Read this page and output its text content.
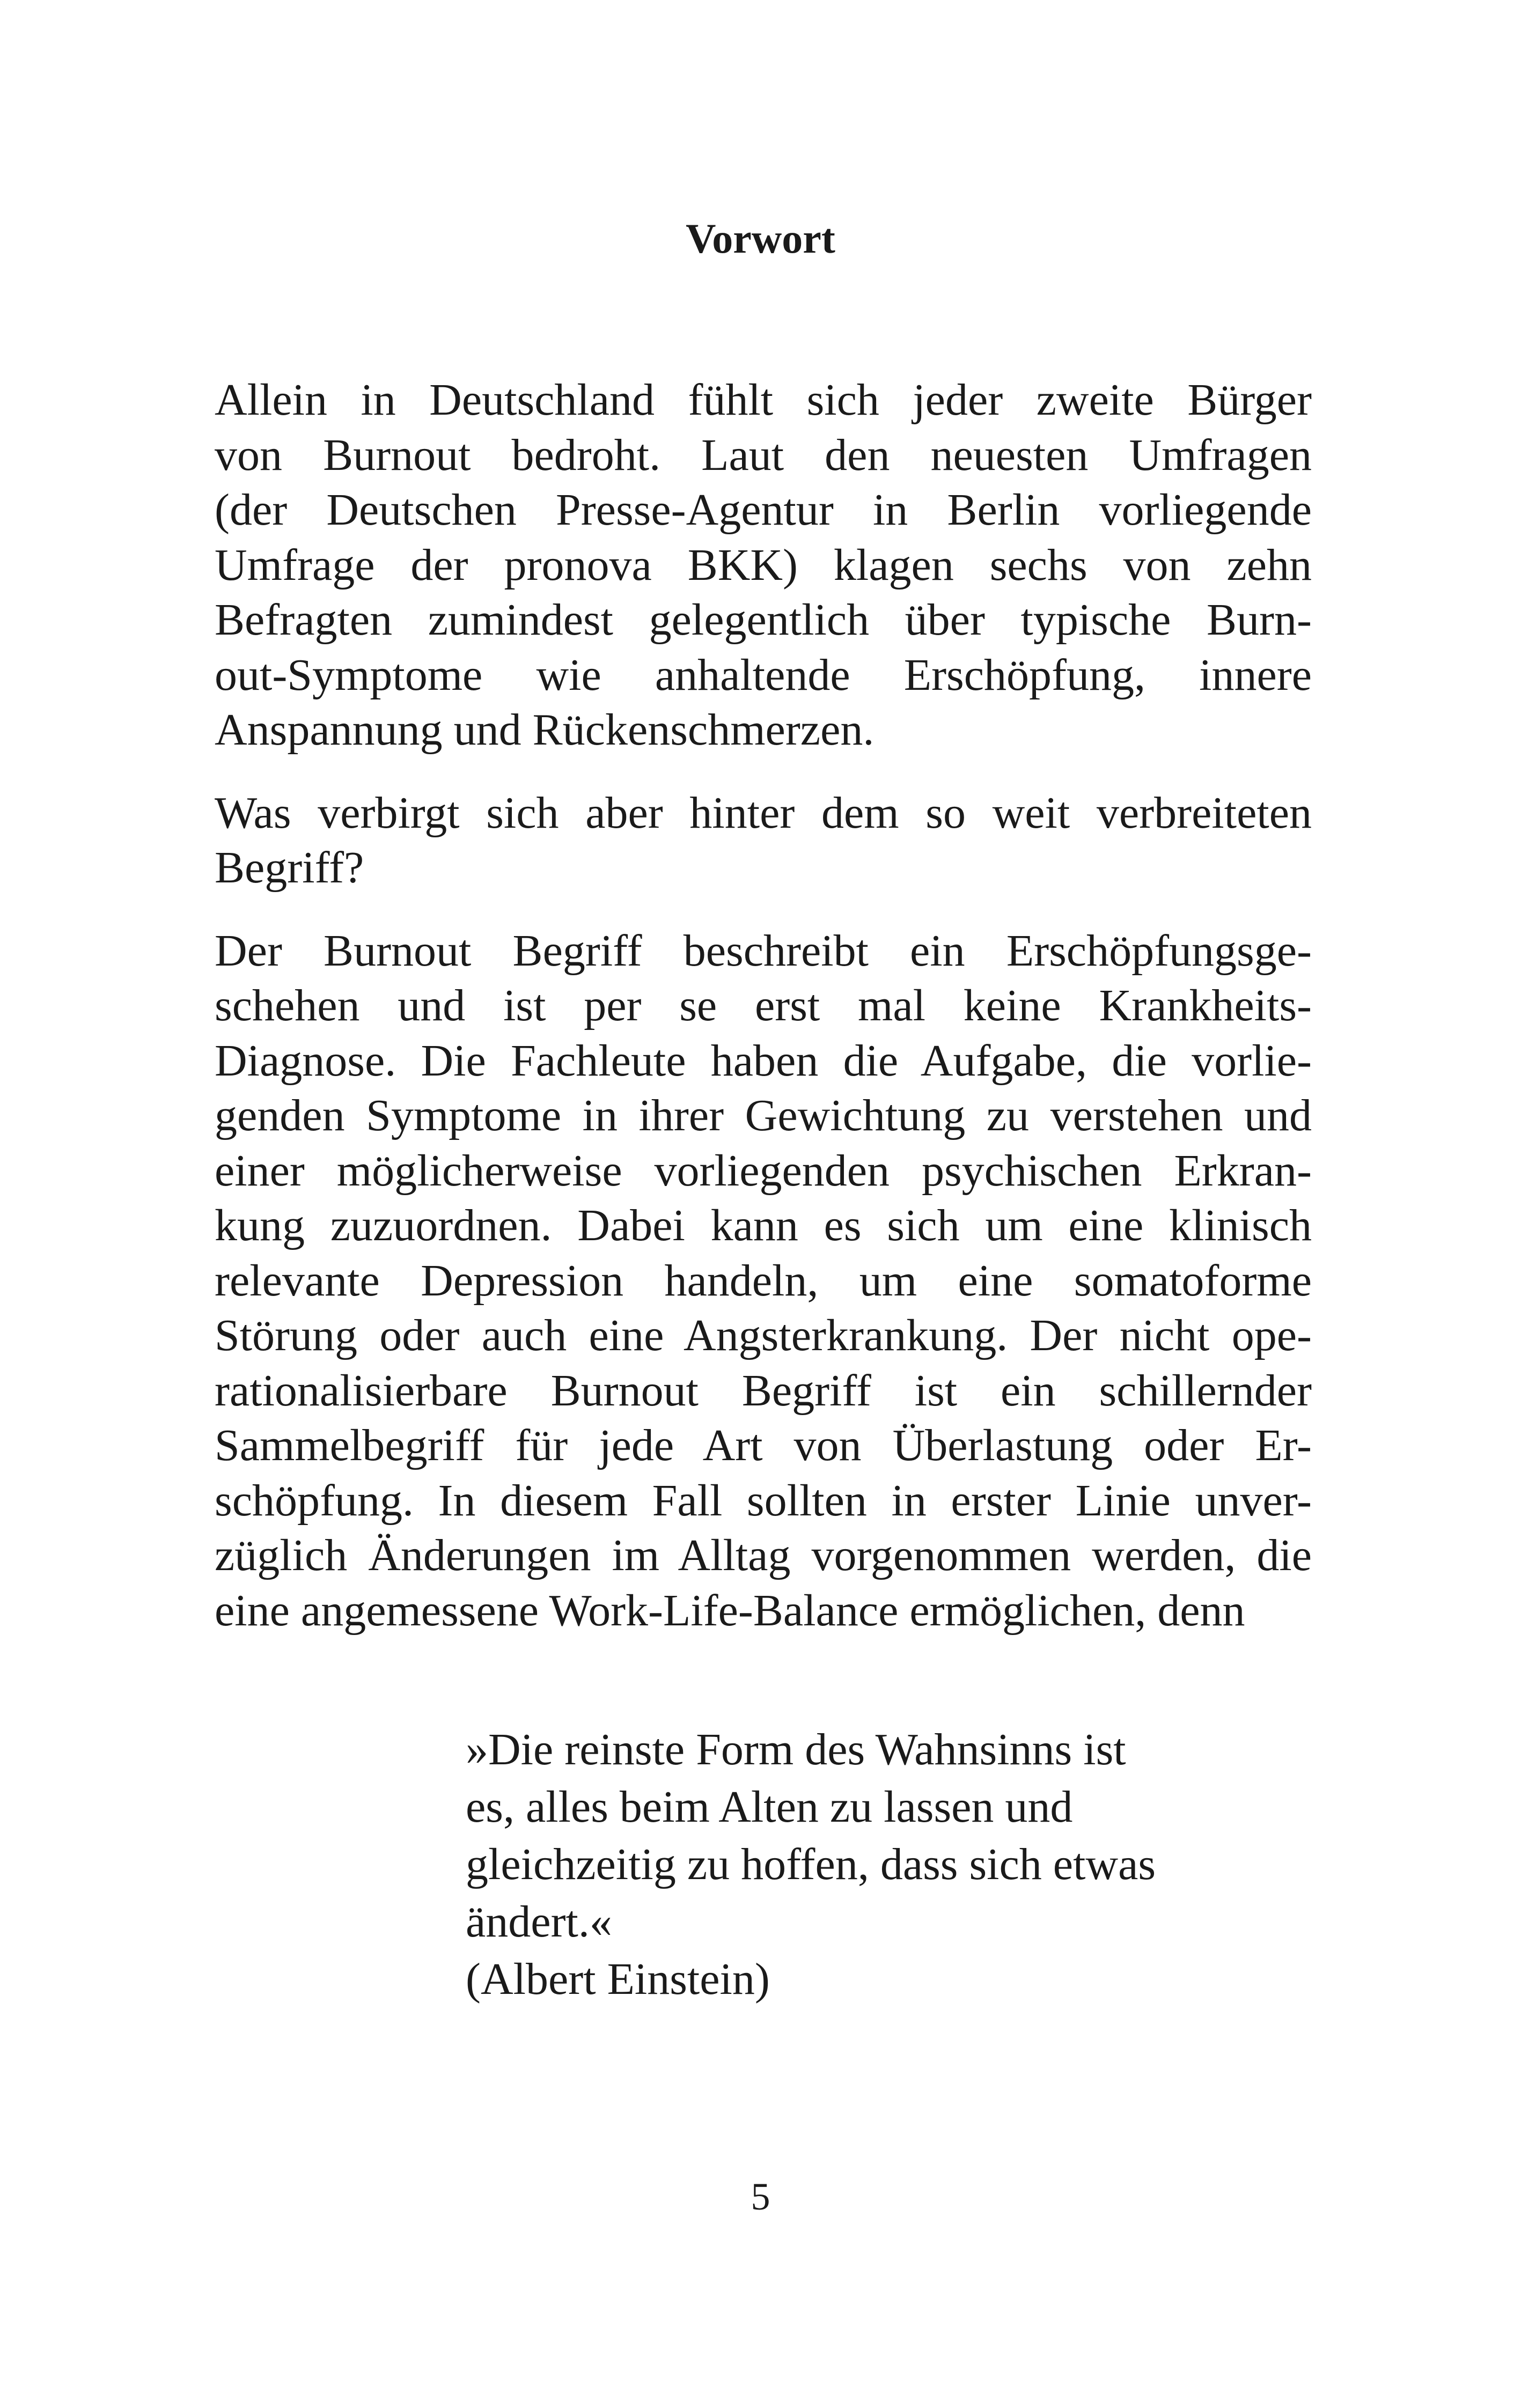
Vorwort

Allein in Deutschland fühlt sich jeder zweite Bürger
von Burnout bedroht. Laut den neuesten Umfragen
(der Deutschen Presse-Agentur in Berlin vorliegende
Umfrage der pronova BKK) klagen sechs von zehn
Befragten zumindest gelegentlich über typische Burn-
out-Symptome wie anhaltende Erschöpfung, innere
Anspannung und Rückenschmerzen.

Was verbirgt sich aber hinter dem so weit verbreiteten
Begriff?

Der Burnout Begriff beschreibt ein Erschöpfungsge-
schehen und ist per se erst mal keine Krankheits-
Diagnose. Die Fachleute haben die Aufgabe, die vorlie-
genden Symptome in ihrer Gewichtung zu verstehen und
einer möglicherweise vorliegenden psychischen Erkran-
kung zuzuordnen. Dabei kann es sich um eine klinisch
relevante Depression handeln, um eine somatoforme
Störung oder auch eine Angsterkrankung. Der nicht ope-
rationalisierbare Burnout Begriff ist ein schillernder
Sammelbegriff für jede Art von Überlastung oder Er-
schöpfung. In diesem Fall sollten in erster Linie unver-
züglich Änderungen im Alltag vorgenommen werden, die
eine angemessene Work-Life-Balance ermöglichen, denn

»Die reinste Form des Wahnsinns ist
es, alles beim Alten zu lassen und
gleichzeitig zu hoffen, dass sich etwas
ändert.«
(Albert Einstein)
5
